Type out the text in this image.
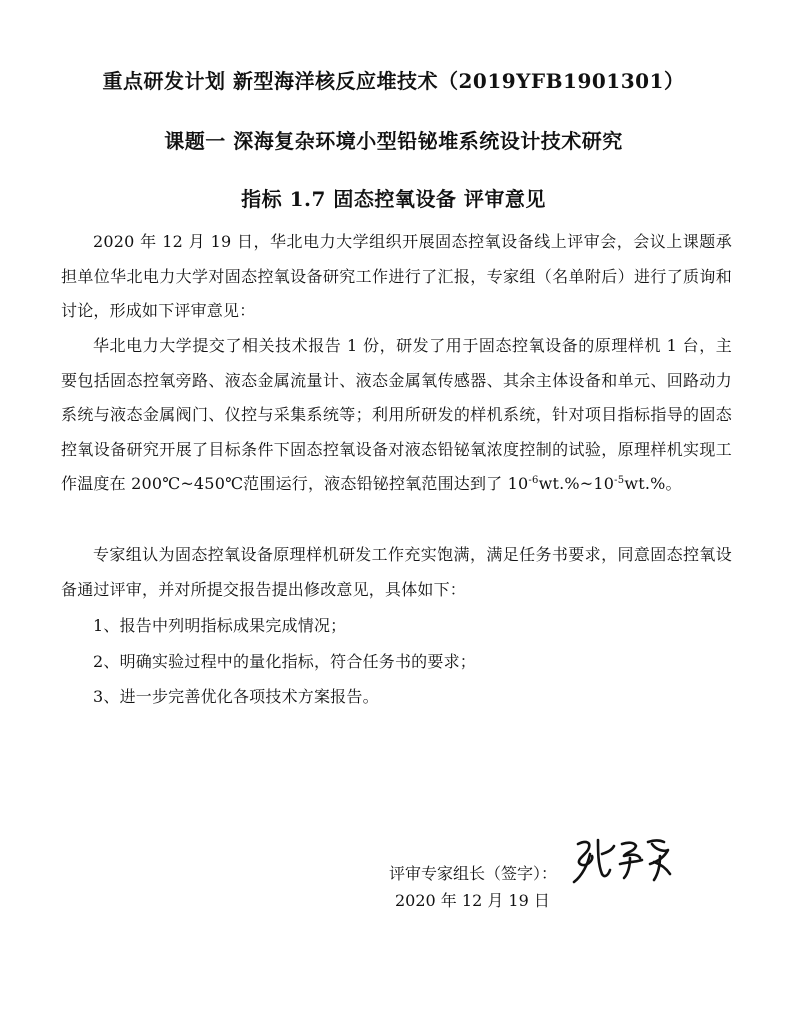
重点研发计划 新型海洋核反应堆技术（2019YFB1901301）
课题一 深海复杂环境小型铅铋堆系统设计技术研究
指标 1.7 固态控氧设备 评审意见

2020 年 12 月 19 日，华北电力大学组织开展固态控氧设备线上评审会，会议上课题承担单位华北电力大学对固态控氧设备研究工作进行了汇报，专家组（名单附后）进行了质询和讨论，形成如下评审意见：

华北电力大学提交了相关技术报告 1 份，研发了用于固态控氧设备的原理样机 1 台，主要包括固态控氧旁路、液态金属流量计、液态金属氧传感器、其余主体设备和单元、回路动力系统与液态金属阀门、仪控与采集系统等；利用所研发的样机系统，针对项目指标指导的固态控氧设备研究开展了目标条件下固态控氧设备对液态铅铋氧浓度控制的试验，原理样机实现工作温度在 200℃~450℃范围运行，液态铅铋控氧范围达到了 $10^{-6}wt.\%\sim 10^{-5}wt.\%$。

专家组认为固态控氧设备原理样机研发工作充实饱满，满足任务书要求，同意固态控氧设备通过评审，并对所提交报告提出修改意见，具体如下：

1、报告中列明指标成果完成情况；
2、明确实验过程中的量化指标，符合任务书的要求；
3、进一步完善优化各项技术方案报告。
评审专家组长（签字）：
2020 年 12 月 19 日
